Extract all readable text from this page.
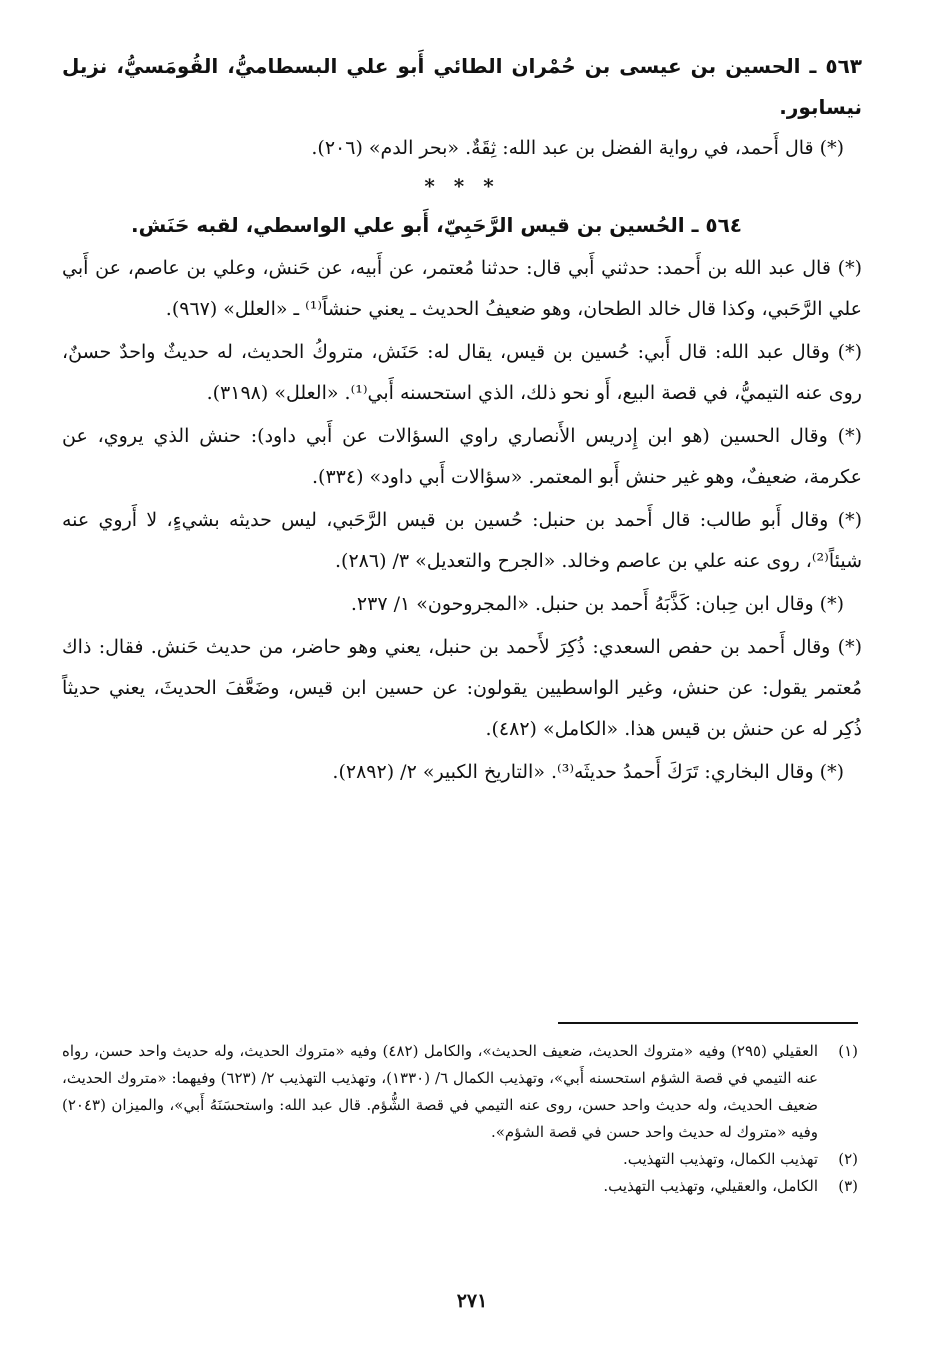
٥٦٣ ـ الحسين بن عيسى بن حُمْران الطائي أَبو علي البسطاميُّ، القُومَسيُّ، نزيل نيسابور.

(*) قال أَحمد، في رواية الفضل بن عبد الله: ثِقَةٌ. «بحر الدم» (٢٠٦).

* * *

٥٦٤ ـ الحُسين بن قيس الرَّحَبِيّ، أَبو علي الواسطي، لقبه حَنَش.

(*) قال عبد الله بن أَحمد: حدثني أَبي قال: حدثنا مُعتمر، عن أَبيه، عن حَنش، وعلي بن عاصم، عن أَبي علي الرَّحَبي، وكذا قال خالد الطحان، وهو ضعيفُ الحديث ـ يعني حنشاً⁽¹⁾ ـ «العلل» (٩٦٧).

(*) وقال عبد الله: قال أَبي: حُسين بن قيس، يقال له: حَنَش، متروكُ الحديث، له حديثٌ واحدٌ حسنٌ، روى عنه التيميُّ، في قصة البيع، أَو نحو ذلك، الذي استحسنه أَبي⁽¹⁾. «العلل» (٣١٩٨).

(*) وقال الحسين (هو ابن إِدريس الأَنصاري راوي السؤالات عن أَبي داود): حنش الذي يروي، عن عكرمة، ضعيفٌ، وهو غير حنش أَبو المعتمر. «سؤالات أَبي داود» (٣٣٤).

(*) وقال أَبو طالب: قال أَحمد بن حنبل: حُسين بن قيس الرَّحَبي، ليس حديثه بشيءٍ، لا أَروي عنه شيئاً⁽²⁾، روى عنه علي بن عاصم وخالد. «الجرح والتعديل» ٣/ (٢٨٦).

(*) وقال ابن حِبان: كَذَّبَهُ أَحمد بن حنبل. «المجروحون» ١/ ٢٣٧.

(*) وقال أَحمد بن حفص السعدي: ذُكِرَ لأَحمد بن حنبل، يعني وهو حاضر، من حديث حَنش. فقال: ذاك مُعتمر يقول: عن حنش، وغير الواسطيين يقولون: عن حسين ابن قيس، وضَعَّفَ الحديثَ، يعني حديثاً ذُكِر له عن حنش بن قيس هذا. «الكامل» (٤٨٢).

(*) وقال البخاري: تَرَكَ أَحمدُ حديثَه⁽³⁾. «التاريخ الكبير» ٢/ (٢٨٩٢).

(١)
العقيلي (٢٩٥) وفيه «متروك الحديث، ضعيف الحديث»، والكامل (٤٨٢) وفيه «متروك الحديث، وله حديث واحد حسن، رواه عنه التيمي في قصة الشؤم استحسنه أَبي»، وتهذيب الكمال ٦/ (١٣٣٠)، وتهذيب التهذيب ٢/ (٦٢٣) وفيهما: «متروك الحديث، ضعيف الحديث، وله حديث واحد حسن، روى عنه التيمي في قصة الشُّؤم. قال عبد الله: واستحسَنَهُ أَبي»، والميزان (٢٠٤٣) وفيه «متروك له حديث واحد حسن في قصة الشؤم».
(٢)
تهذيب الكمال، وتهذيب التهذيب.
(٣)
الكامل، والعقيلي، وتهذيب التهذيب.
٢٧١
